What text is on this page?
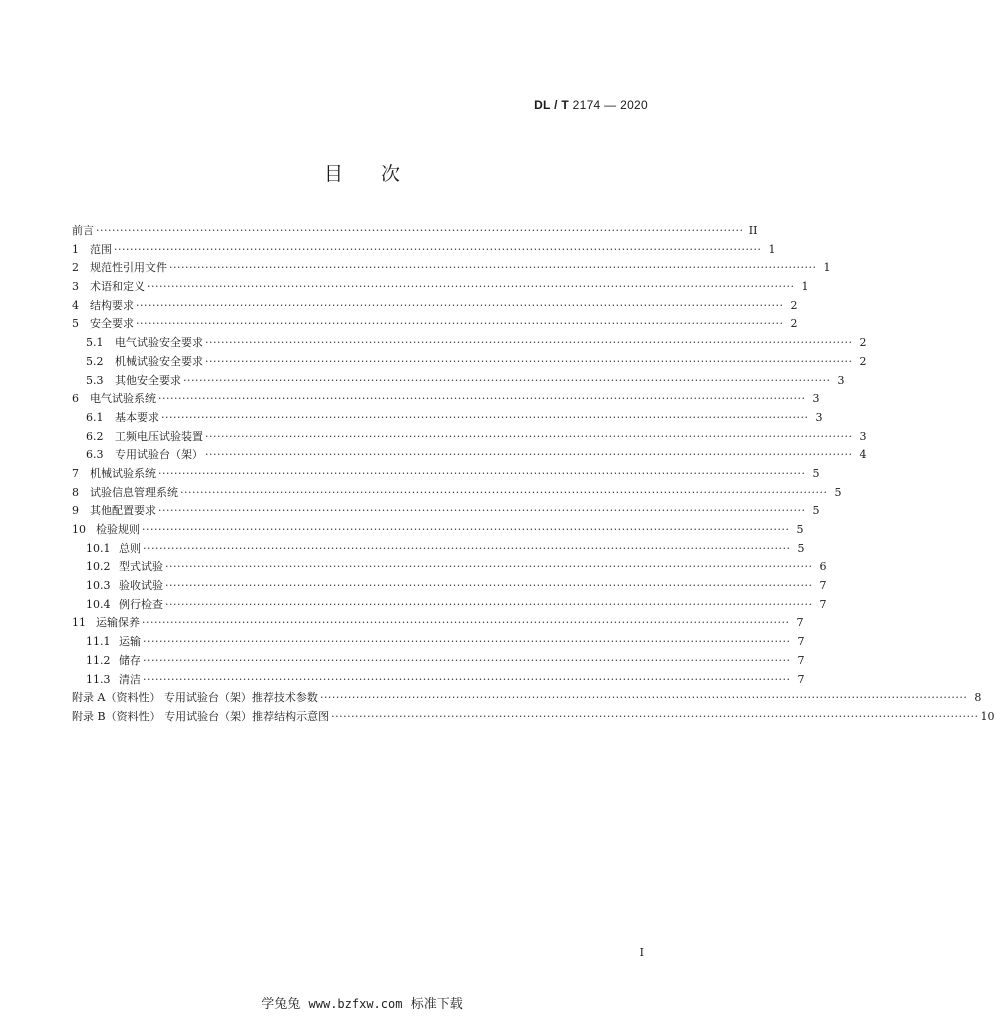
DL / T 2174 — 2020
目次
前言 ·································································································································································· II
1	范围 ·································································································································································· 1
2	规范性引用文件 ·································································································································································· 1
3	术语和定义 ·································································································································································· 1
4	结构要求 ·································································································································································· 2
5	安全要求 ·································································································································································· 2
5.1	电气试验安全要求 ·································································································································································· 2
5.2	机械试验安全要求 ·································································································································································· 2
5.3	其他安全要求 ·································································································································································· 3
6	电气试验系统 ·································································································································································· 3
6.1	基本要求 ·································································································································································· 3
6.2	工频电压试验装置 ·································································································································································· 3
6.3	专用试验台（架） ·································································································································································· 4
7	机械试验系统 ·································································································································································· 5
8	试验信息管理系统 ·································································································································································· 5
9	其他配置要求 ·································································································································································· 5
10 检验规则 ·································································································································································· 5
10.1 总则 ·································································································································································· 5
10.2 型式试验 ·································································································································································· 6
10.3 验收试验 ·································································································································································· 7
10.4 例行检查 ·································································································································································· 7
11 运输保养 ·································································································································································· 7
11.1 运输 ·································································································································································· 7
11.2 储存 ·································································································································································· 7
11.3 清洁 ·································································································································································· 7
附录 A（资料性） 专用试验台（架）推荐技术参数 ·································································································································································· 8
附录 B（资料性） 专用试验台（架）推荐结构示意图 ·································································································································································· 10
I
学兔兔 www.bzfxw.com 标准下载
